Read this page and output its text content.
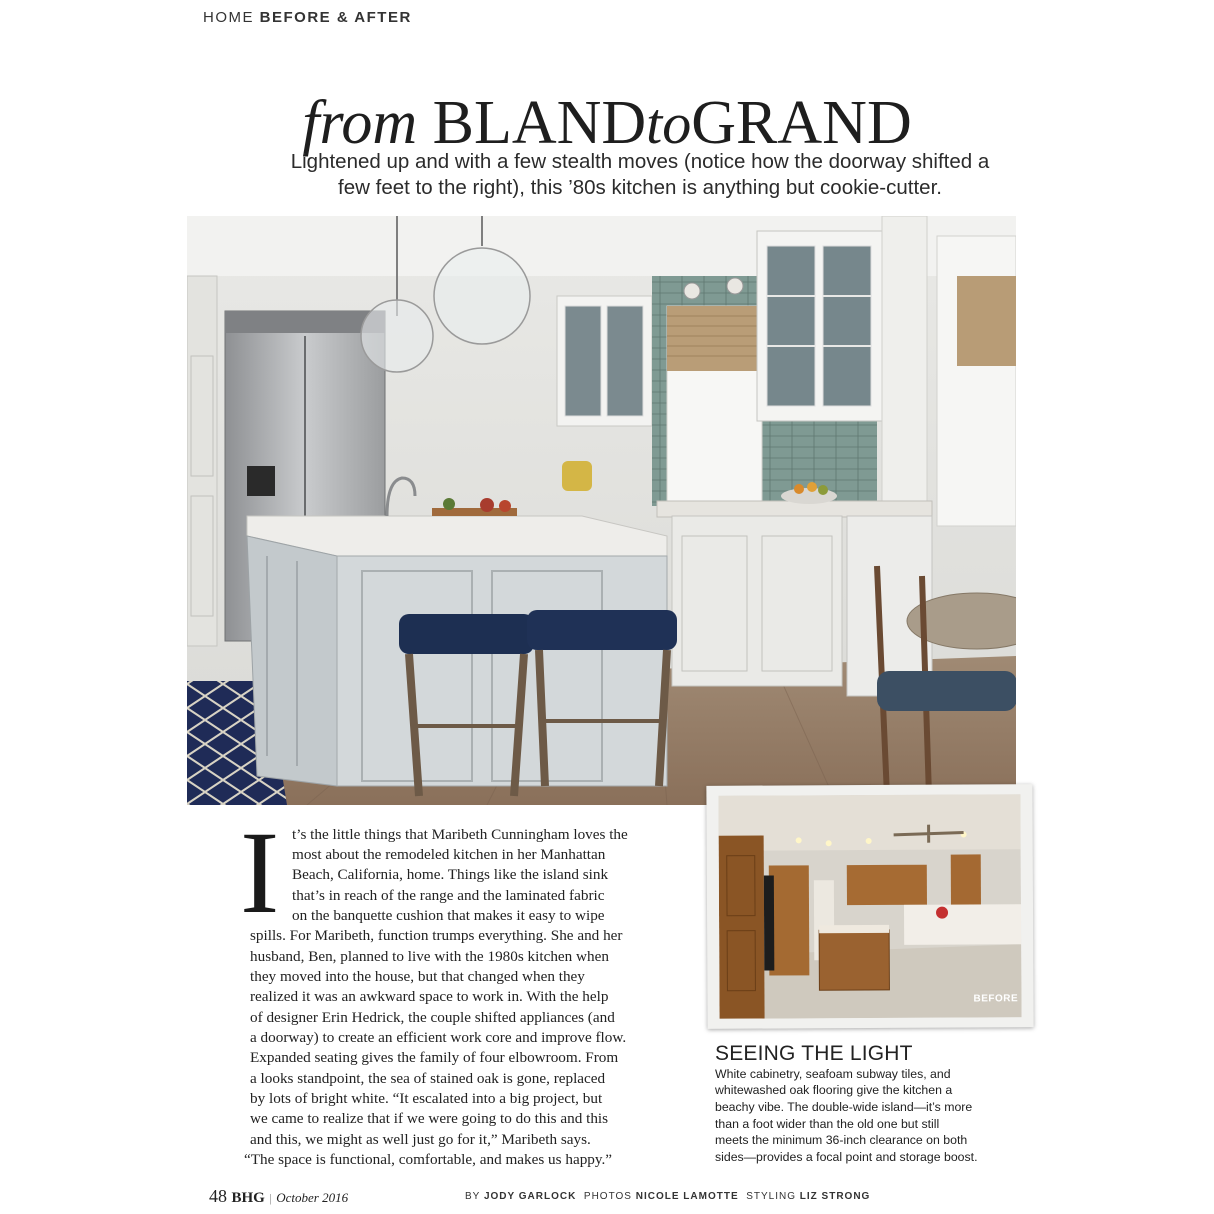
HOME BEFORE & AFTER
from BLANDtoGRAND
Lightened up and with a few stealth moves (notice how the doorway shifted a
few feet to the right), this ’80s kitchen is anything but cookie-cutter.
I t’s the little things that Maribeth Cunningham loves the
most about the remodeled kitchen in her Manhattan
Beach, California, home. Things like the island sink
that’s in reach of the range and the laminated fabric
on the banquette cushion that makes it easy to wipe
spills. For Maribeth, function trumps everything. She and her
husband, Ben, planned to live with the 1980s kitchen when
they moved into the house, but that changed when they
realized it was an awkward space to work in. With the help
of designer Erin Hedrick, the couple shifted appliances (and
a doorway) to create an efficient work core and improve flow.
Expanded seating gives the family of four elbowroom. From
a looks standpoint, the sea of stained oak is gone, replaced
by lots of bright white. “It escalated into a big project, but
we came to realize that if we were going to do this and this
and this, we might as well just go for it,” Maribeth says.
“The space is functional, comfortable, and makes us happy.”
BEFORE
SEEING THE LIGHT
White cabinetry, seafoam subway tiles, and
whitewashed oak flooring give the kitchen a
beachy vibe. The double-wide island—it’s more
than a foot wider than the old one but still
meets the minimum 36-inch clearance on both
sides—provides a focal point and storage boost.
48 BHG | October 2016	BY JODY GARLOCK PHOTOS NICOLE LAMOTTE STYLING LIZ STRONG
